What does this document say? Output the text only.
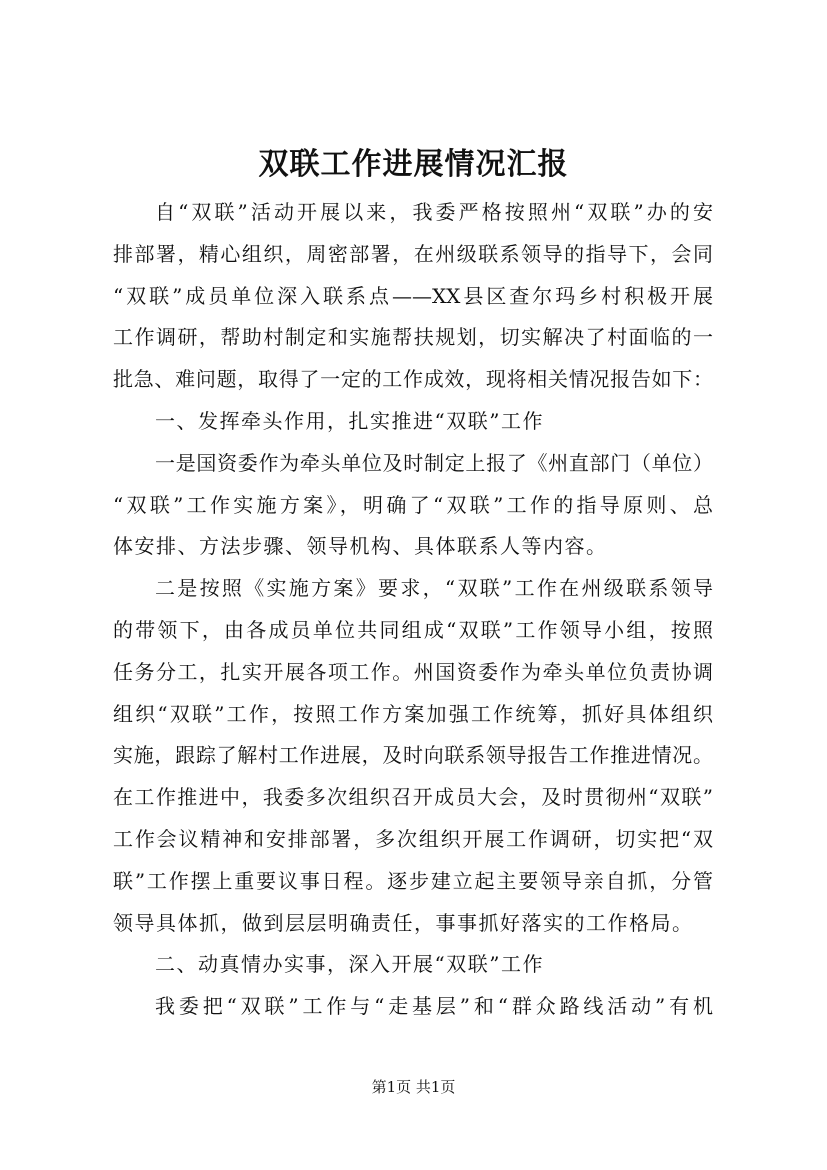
双联工作进展情况汇报
自“双联”活动开展以来，我委严格按照州“双联”办的安
排部署，精心组织，周密部署，在州级联系领导的指导下，会同
“双联”成员单位深入联系点——XX县区查尔玛乡村积极开展
工作调研，帮助村制定和实施帮扶规划，切实解决了村面临的一
批急、难问题，取得了一定的工作成效，现将相关情况报告如下：
一、发挥牵头作用，扎实推进“双联”工作
一是国资委作为牵头单位及时制定上报了《州直部门（单位）
“双联”工作实施方案》，明确了“双联”工作的指导原则、总
体安排、方法步骤、领导机构、具体联系人等内容。
二是按照《实施方案》要求，“双联”工作在州级联系领导
的带领下，由各成员单位共同组成“双联”工作领导小组，按照
任务分工，扎实开展各项工作。州国资委作为牵头单位负责协调
组织“双联”工作，按照工作方案加强工作统筹，抓好具体组织
实施，跟踪了解村工作进展，及时向联系领导报告工作推进情况。
在工作推进中，我委多次组织召开成员大会，及时贯彻州“双联”
工作会议精神和安排部署，多次组织开展工作调研，切实把“双
联”工作摆上重要议事日程。逐步建立起主要领导亲自抓，分管
领导具体抓，做到层层明确责任，事事抓好落实的工作格局。
二、动真情办实事，深入开展“双联”工作
我委把“双联”工作与“走基层”和“群众路线活动”有机
第1页 共1页
